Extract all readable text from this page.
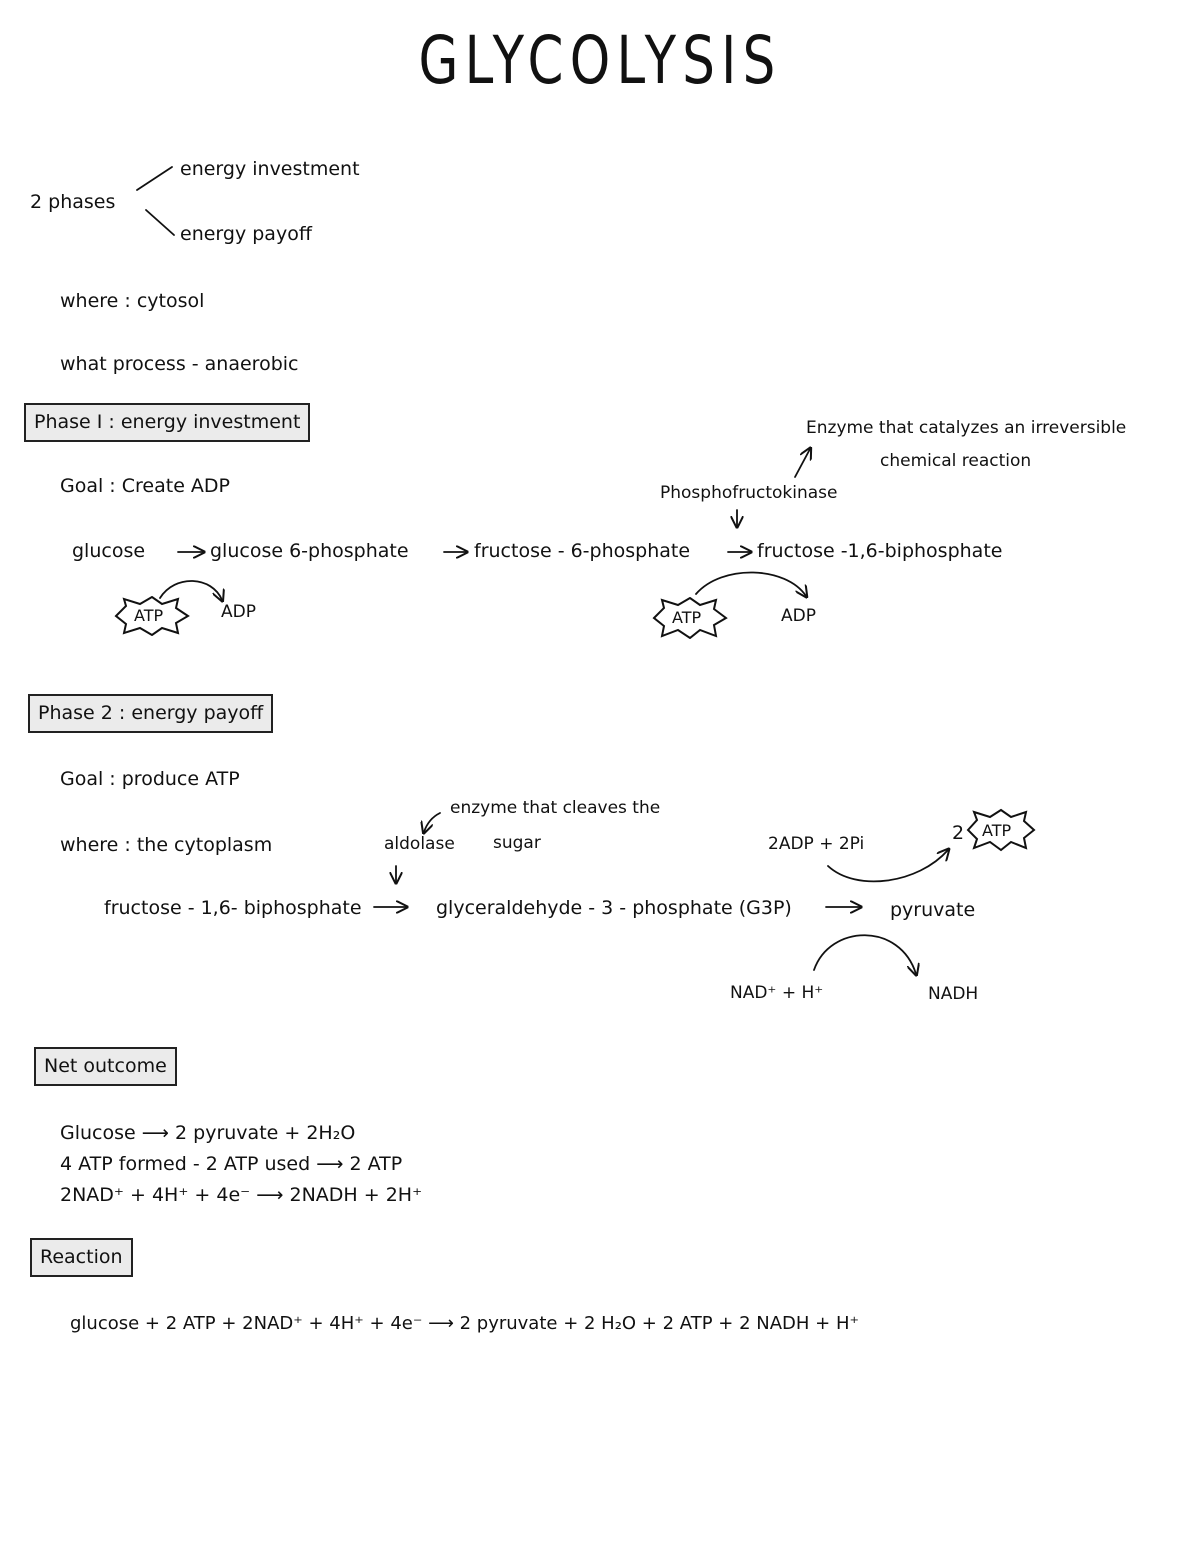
GLYCOLYSIS
2 phases
energy investment
energy payoff
where : cytosol
what process - anaerobic
Phase I : energy investment
Goal : Create ADP
Enzyme that catalyzes an irreversible
chemical reaction
Phosphofructokinase
glucose	glucose 6-phosphate	fructose - 6-phosphate	fructose -1,6-biphosphate
ATP	ADP	ATP	ADP
Phase 2 : energy payoff
Goal : produce ATP
where : the cytoplasm	aldolase
enzyme that cleaves the
sugar	2ADP + 2Pi	2 ATP
fructose - 1,6- biphosphate	glyceraldehyde - 3 - phosphate (G3P)	pyruvate
NAD⁺ + H⁺	NADH
Net outcome
Glucose ⟶ 2 pyruvate + 2H₂O
4 ATP formed - 2 ATP used ⟶ 2 ATP
2NAD⁺ + 4H⁺ + 4e⁻ ⟶ 2NADH + 2H⁺
Reaction
glucose + 2 ATP + 2NAD⁺ + 4H⁺ + 4e⁻ ⟶ 2 pyruvate + 2 H₂O + 2 ATP + 2 NADH + H⁺
